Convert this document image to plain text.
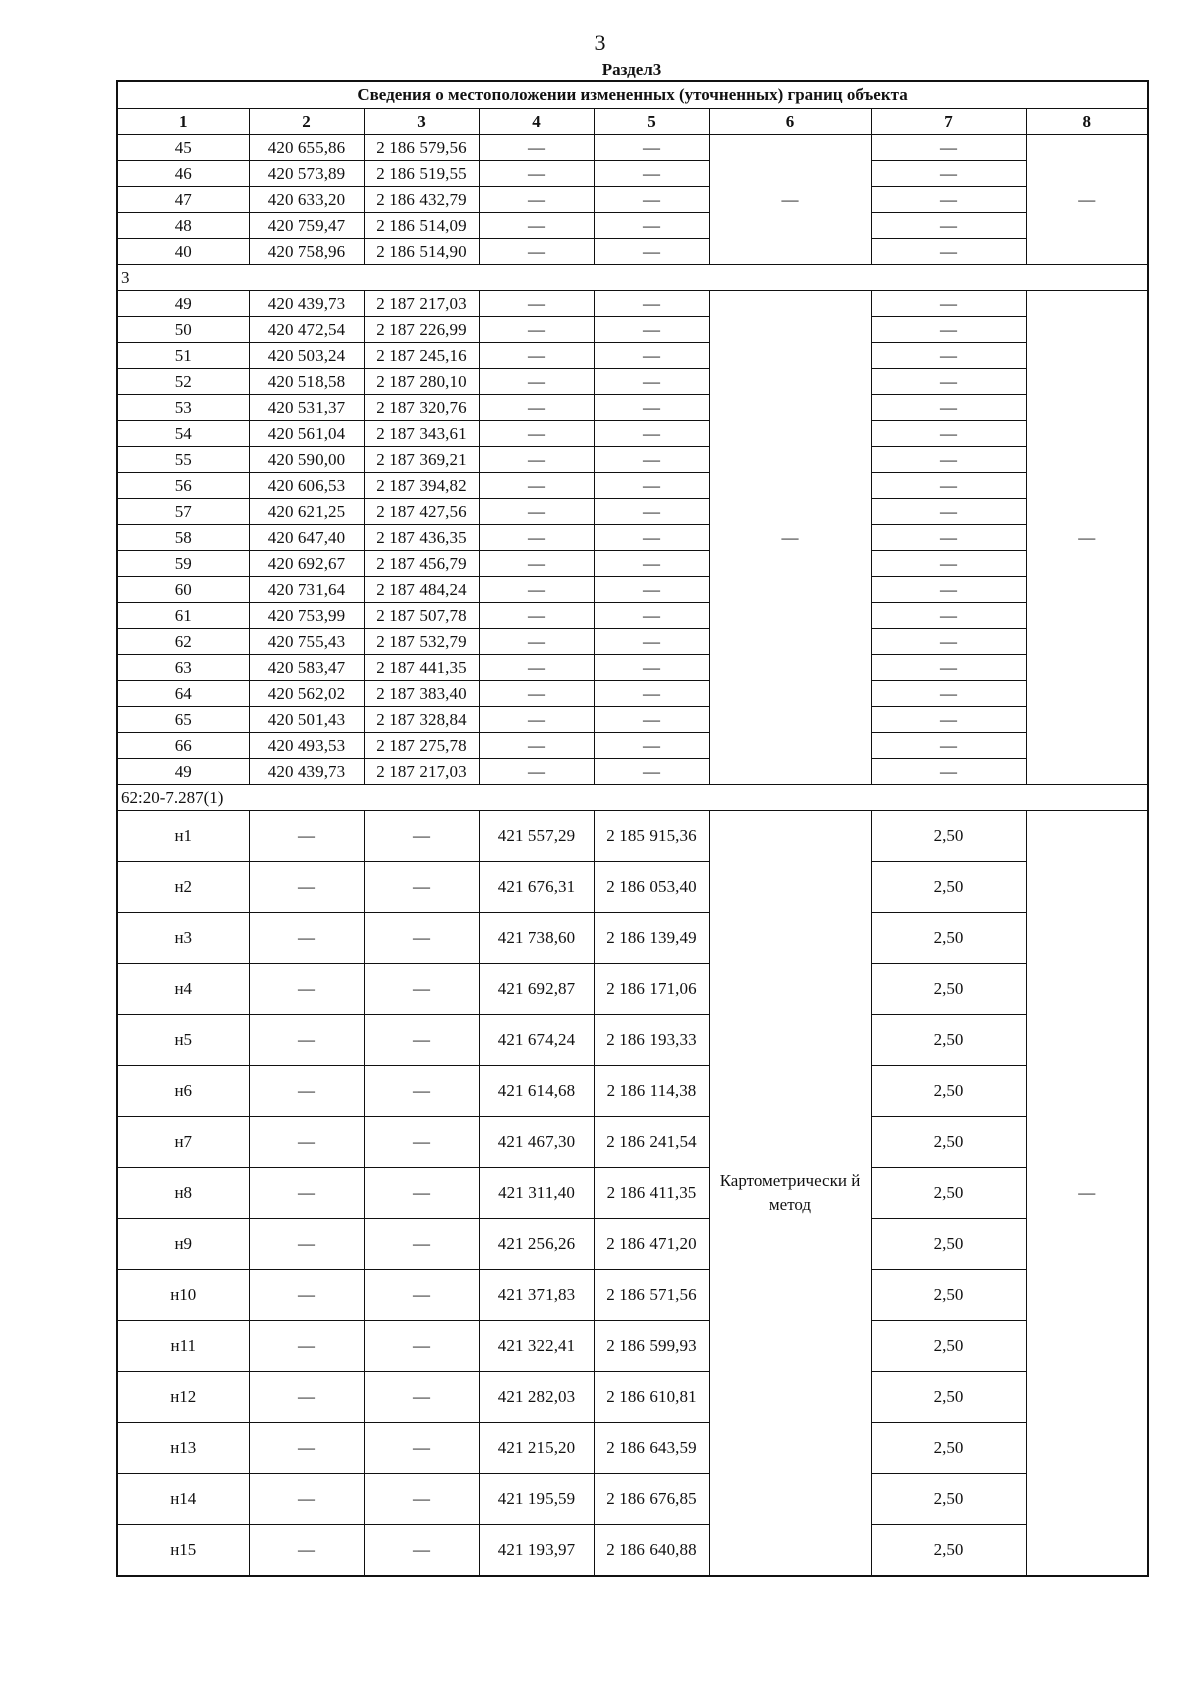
3
Раздел3
Сведения о местоположении измененных (уточненных) границ объекта							
1	2	3	4	5	6	7	8
45	420 655,86	2 186 579,56	—	—	—	—	—
46	420 573,89	2 186 519,55	—	—		—	
47	420 633,20	2 186 432,79	—	—		—	
48	420 759,47	2 186 514,09	—	—		—	
40	420 758,96	2 186 514,90	—	—		—	
3							
49	420 439,73	2 187 217,03	—	—	—	—	—
50	420 472,54	2 187 226,99	—	—		—	
51	420 503,24	2 187 245,16	—	—		—	
52	420 518,58	2 187 280,10	—	—		—	
53	420 531,37	2 187 320,76	—	—		—	
54	420 561,04	2 187 343,61	—	—		—	
55	420 590,00	2 187 369,21	—	—		—	
56	420 606,53	2 187 394,82	—	—		—	
57	420 621,25	2 187 427,56	—	—		—	
58	420 647,40	2 187 436,35	—	—		—	
59	420 692,67	2 187 456,79	—	—		—	
60	420 731,64	2 187 484,24	—	—		—	
61	420 753,99	2 187 507,78	—	—		—	
62	420 755,43	2 187 532,79	—	—		—	
63	420 583,47	2 187 441,35	—	—		—	
64	420 562,02	2 187 383,40	—	—		—	
65	420 501,43	2 187 328,84	—	—		—	
66	420 493,53	2 187 275,78	—	—		—	
49	420 439,73	2 187 217,03	—	—		—	
62:20-7.287(1)							
н1	—	—	421 557,29	2 185 915,36	Картометрически й метод	2,50	—
н2	—	—	421 676,31	2 186 053,40		2,50	
н3	—	—	421 738,60	2 186 139,49		2,50	
н4	—	—	421 692,87	2 186 171,06		2,50	
н5	—	—	421 674,24	2 186 193,33		2,50	
н6	—	—	421 614,68	2 186 114,38		2,50	
н7	—	—	421 467,30	2 186 241,54		2,50	
н8	—	—	421 311,40	2 186 411,35		2,50	
н9	—	—	421 256,26	2 186 471,20		2,50	
н10	—	—	421 371,83	2 186 571,56		2,50	
н11	—	—	421 322,41	2 186 599,93		2,50	
н12	—	—	421 282,03	2 186 610,81		2,50	
н13	—	—	421 215,20	2 186 643,59		2,50	
н14	—	—	421 195,59	2 186 676,85		2,50	
н15	—	—	421 193,97	2 186 640,88		2,50	
